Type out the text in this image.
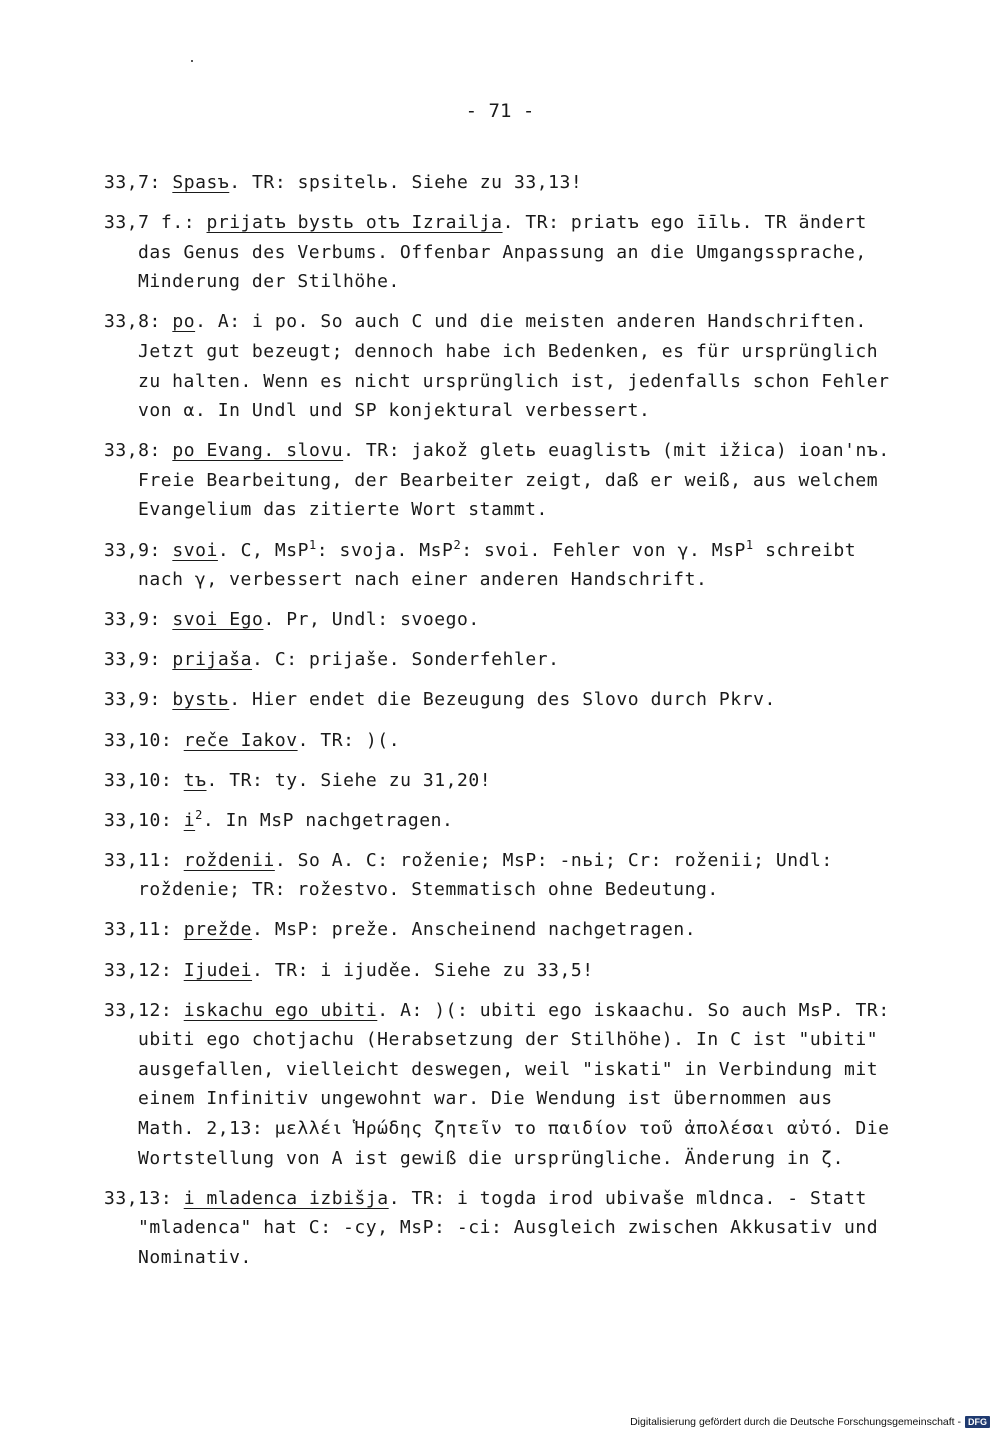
- 71 -
33,7: Spasъ. TR: spsitelь. Siehe zu 33,13!
33,7 f.: prijatъ bystь otъ Izrailja. TR: priatъ ego īīlь. TR ändert das Genus des Verbums. Offenbar Anpassung an die Umgangssprache, Minderung der Stilhöhe.
33,8: po. A: i po. So auch C und die meisten anderen Handschriften. Jetzt gut bezeugt; dennoch habe ich Bedenken, es für ursprünglich zu halten. Wenn es nicht ursprünglich ist, jedenfalls schon Fehler von α. In Undl und SP konjektural verbessert.
33,8: po Evang. slovu. TR: jakož gletь euaglistъ (mit ižica) ioan'nъ. Freie Bearbeitung, der Bearbeiter zeigt, daß er weiß, aus welchem Evangelium das zitierte Wort stammt.
33,9: svoi. C, MsP$^1$: svoja. MsP$^2$: svoi. Fehler von γ. MsP$^1$ schreibt nach γ, verbessert nach einer anderen Handschrift.
33,9: svoi Ego. Pr, Undl: svoego.
33,9: prijaša. C: prijaše. Sonderfehler.
33,9: bystь. Hier endet die Bezeugung des Slovo durch Pkrv.
33,10: reče Iakov. TR: )(.
33,10: tъ. TR: ty. Siehe zu 31,20!
33,10: $i^2$. In MsP nachgetragen.
33,11: roždenii. So A. C: roženie; MsP: -nьi; Cr: roženii; Undl: roždenie; TR: rožestvo. Stemmatisch ohne Bedeutung.
33,11: prežde. MsP: preže. Anscheinend nachgetragen.
33,12: Ijudei. TR: i ijuděe. Siehe zu 33,5!
33,12: iskachu ego ubiti. A: )(: ubiti ego iskaachu. So auch MsP. TR: ubiti ego chotjachu (Herabsetzung der Stilhöhe). In C ist "ubiti" ausgefallen, vielleicht deswegen, weil "iskati" in Verbindung mit einem Infinitiv ungewohnt war. Die Wendung ist übernommen aus Math. 2,13: μελλέι Ἡρώδης ζητεῖν το παιδίον τοῦ ἀπολέσαι αὐτό. Die Wortstellung von A ist gewiß die ursprüngliche. Änderung in ζ.
33,13: i mladenca izbišja. TR: i togda irod ubivaše mldnca. - Statt "mladenca" hat C: -cy, MsP: -ci: Ausgleich zwischen Akkusativ und Nominativ.
Digitalisierung gefördert durch die Deutsche Forschungsgemeinschaft - DFG
